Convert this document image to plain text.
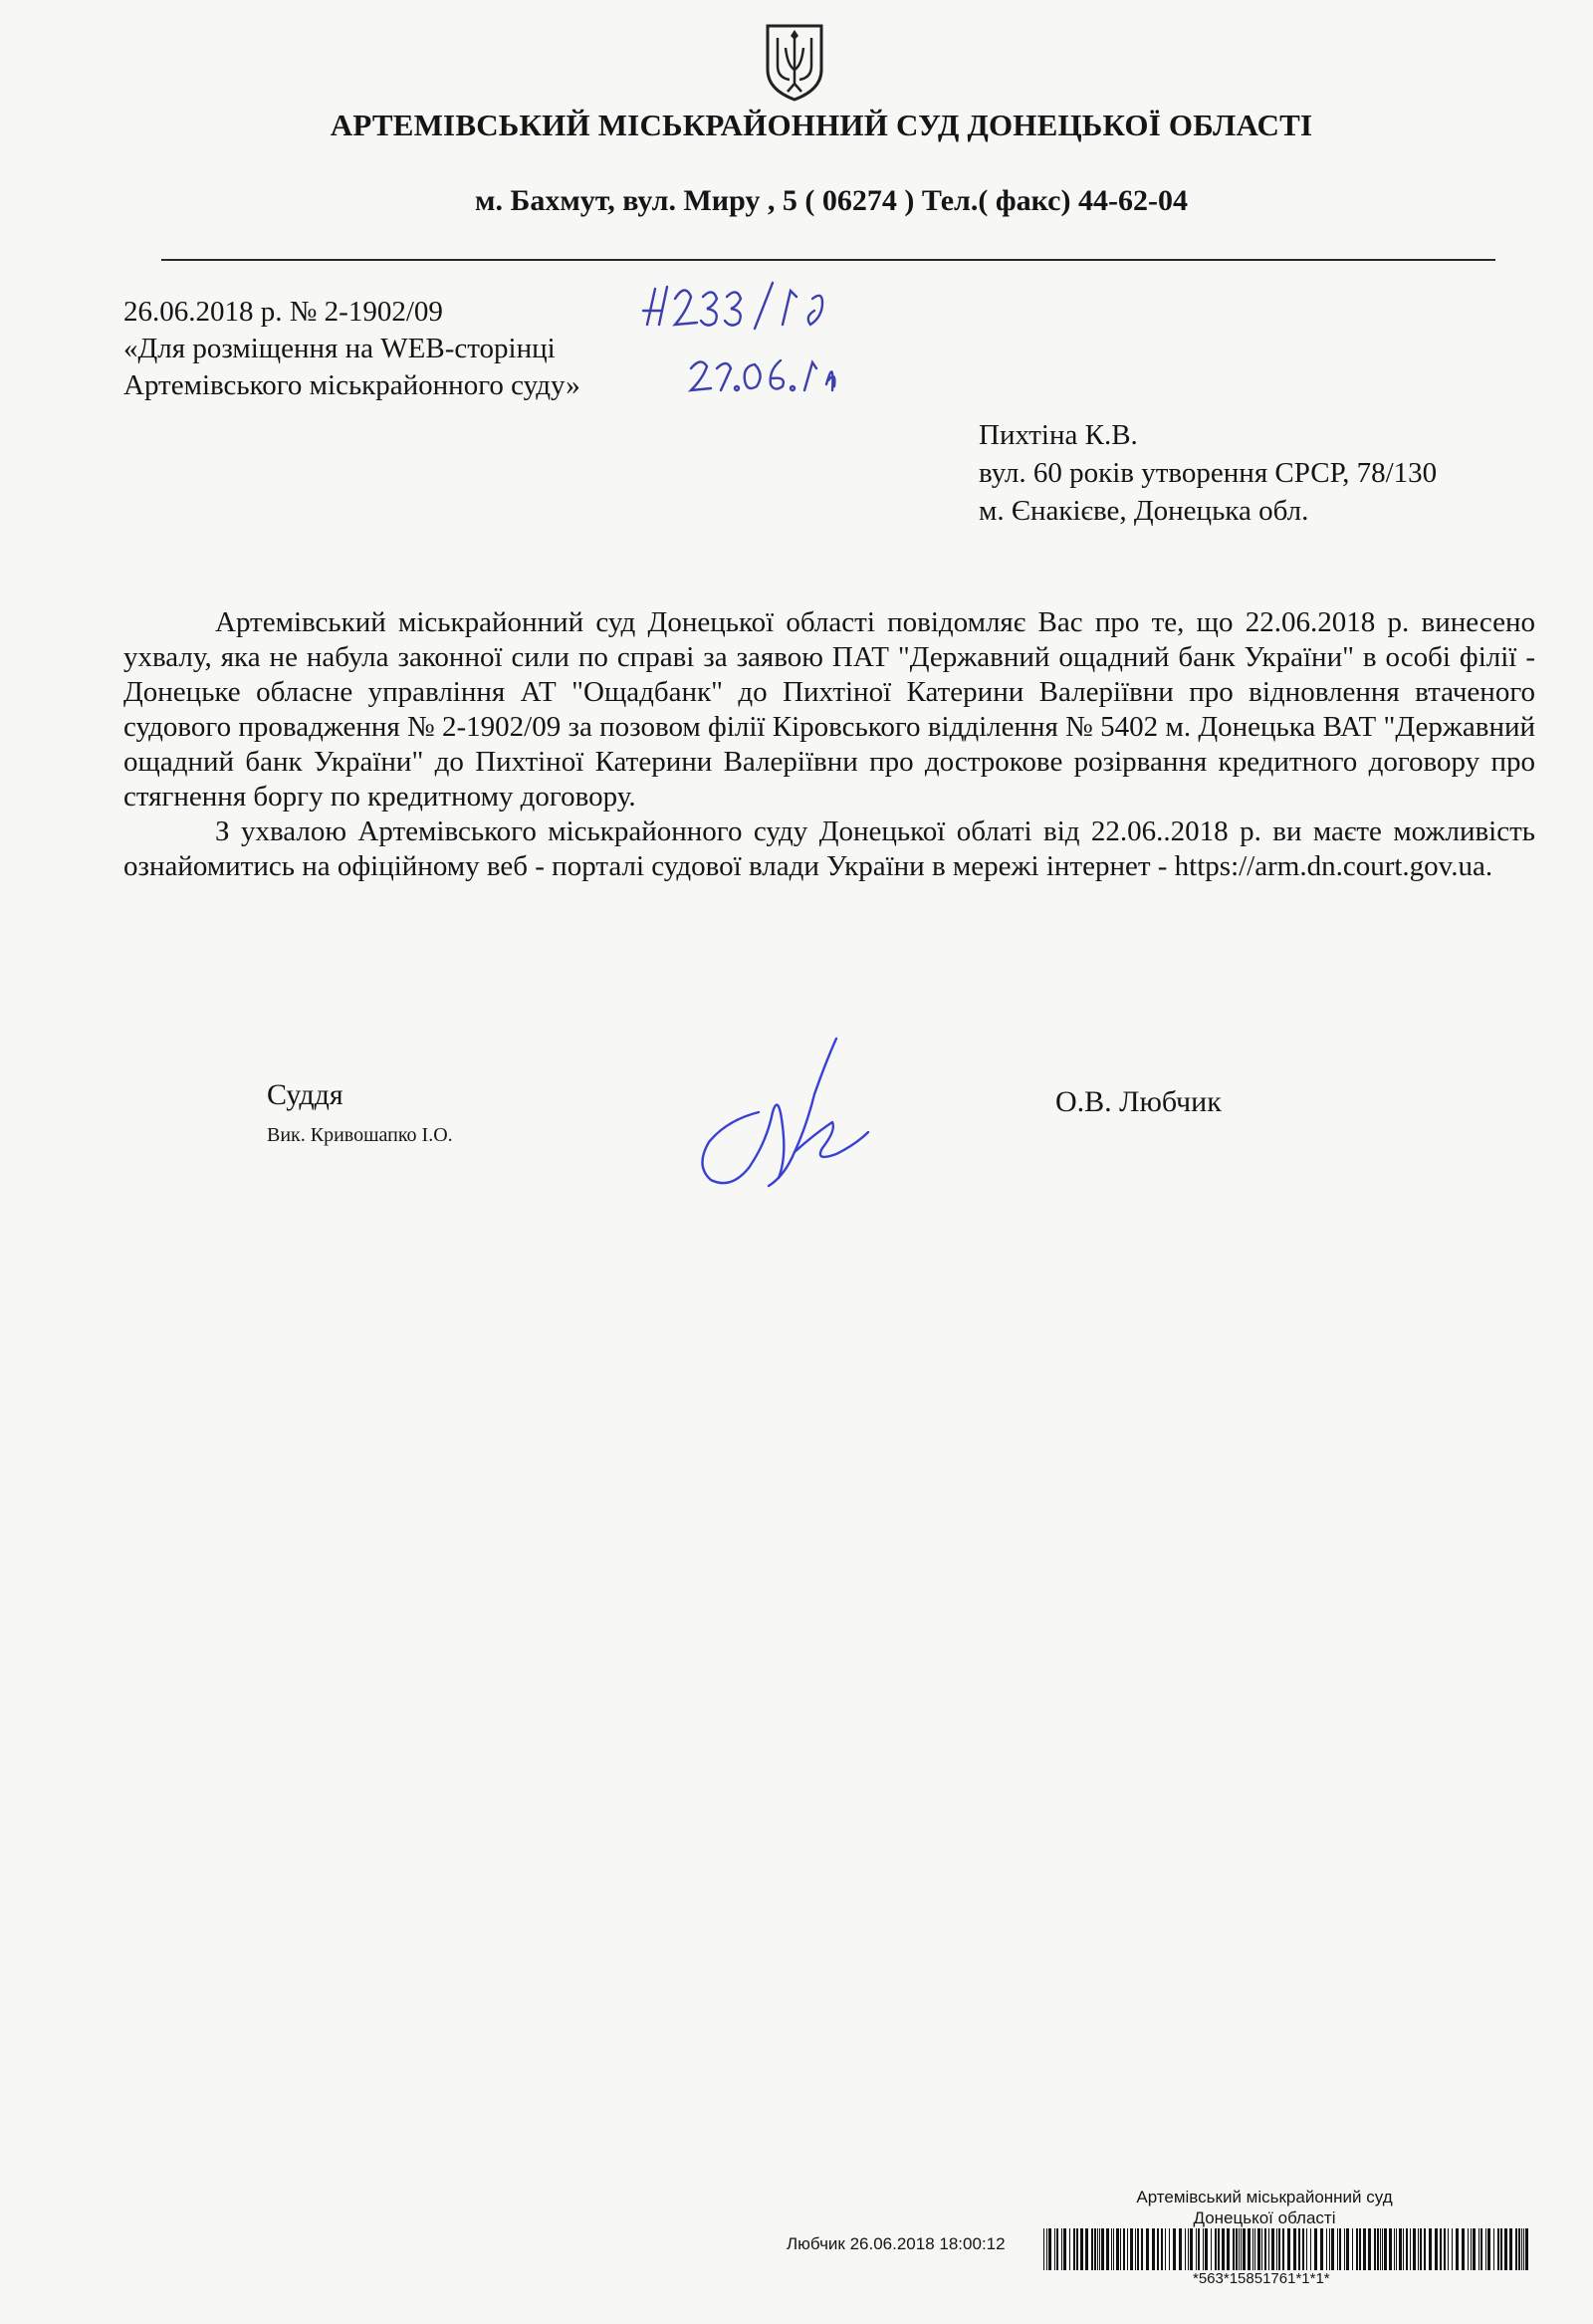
АРТЕМІВСЬКИЙ МІСЬКРАЙОННИЙ СУД ДОНЕЦЬКОЇ ОБЛАСТІ
м. Бахмут, вул. Миру , 5 ( 06274 ) Тел.( факс) 44-62-04
26.06.2018 р. № 2-1902/09
«Для розміщення на WEB-сторінці
Артемівського міськрайонного суду»
Пихтіна К.В.
вул. 60 років утворення СРСР, 78/130
м. Єнакієве, Донецька обл.

Артемівський міськрайонний суд Донецької області повідомляє Вас про те, що 22.06.2018 р. винесено ухвалу, яка не набула законної сили по справі за заявою ПАТ "Державний ощадний банк України" в особі філії - Донецьке обласне управління АТ "Ощадбанк" до Пихтіної Катерини Валеріївни про відновлення втаченого судового провадження № 2-1902/09 за позовом філії Кіровського відділення № 5402 м. Донецька ВАТ "Державний ощадний банк України" до Пихтіної Катерини Валеріївни про дострокове розірвання кредитного договору про стягнення боргу по кредитному договору.

З ухвалою Артемівського міськрайонного суду Донецької облаті від 22.06..2018 р. ви маєте можливість ознайомитись на офіційному веб - порталі судової влади України в мережі інтернет - https://arm.dn.court.gov.ua.

Суддя
Вик. Кривошапко І.О.
О.В. Любчик
Артемівський міськрайонний суд
Донецької області
Любчик 26.06.2018 18:00:12
*563*15851761*1*1*
